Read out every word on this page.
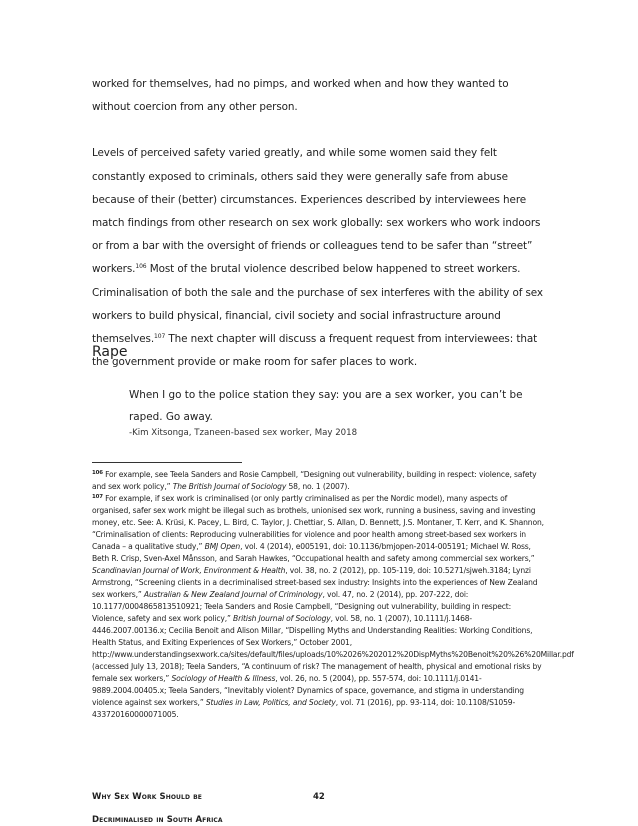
worked for themselves, had no pimps, and worked when and how they wanted to without coercion from any other person.

Levels of perceived safety varied greatly, and while some women said they felt constantly exposed to criminals, others said they were generally safe from abuse because of their (better) circumstances. Experiences described by interviewees here match findings from other research on sex work globally: sex workers who work indoors or from a bar with the oversight of friends or colleagues tend to be safer than “street” workers.$^{106}$ Most of the brutal violence described below happened to street workers. Criminalisation of both the sale and the purchase of sex interferes with the ability of sex workers to build physical, financial, civil society and social infrastructure around themselves.$^{107}$ The next chapter will discuss a frequent request from interviewees: that the government provide or make room for safer places to work.

Rape

When I go to the police station they say: you are a sex worker, you can’t be raped. Go away.

-Kim Xitsonga, Tzaneen-based sex worker, May 2018

$^{106}$ For example, see Teela Sanders and Rosie Campbell, “Designing out vulnerability, building in respect: violence, safety and sex work policy,” The British Journal of Sociology 58, no. 1 (2007).

$^{107}$ For example, if sex work is criminalised (or only partly criminalised as per the Nordic model), many aspects of organised, safer sex work might be illegal such as brothels, unionised sex work, running a business, saving and investing money, etc. See: A. Krüsi, K. Pacey, L. Bird, C. Taylor, J. Chettiar, S. Allan, D. Bennett, J.S. Montaner, T. Kerr, and K. Shannon, “Criminalisation of clients: Reproducing vulnerabilities for violence and poor health among street-based sex workers in Canada – a qualitative study,” BMJ Open, vol. 4 (2014), e005191, doi: 10.1136/bmjopen-2014-005191; Michael W. Ross, Beth R. Crisp, Sven-Axel Månsson, and Sarah Hawkes, “Occupational health and safety among commercial sex workers,” Scandinavian Journal of Work, Environment & Health, vol. 38, no. 2 (2012), pp. 105-119, doi: 10.5271/sjweh.3184; Lynzi Armstrong, “Screening clients in a decriminalised street-based sex industry: Insights into the experiences of New Zealand sex workers,” Australian & New Zealand Journal of Criminology, vol. 47, no. 2 (2014), pp. 207-222, doi: 10.1177/0004865813510921; Teela Sanders and Rosie Campbell, “Designing out vulnerability, building in respect: Violence, safety and sex work policy,” British Journal of Sociology, vol. 58, no. 1 (2007), 10.1111/j.1468-4446.2007.00136.x; Cecilia Benoit and Alison Millar, “Dispelling Myths and Understanding Realities: Working Conditions, Health Status, and Exiting Experiences of Sex Workers,” October 2001, http://www.understandingsexwork.ca/sites/default/files/uploads/10%2026%202012%20DispMyths%20Benoit%20%26%20Millar.pdf (accessed July 13, 2018); Teela Sanders, “A continuum of risk? The management of health, physical and emotional risks by female sex workers,” Sociology of Health & Illness, vol. 26, no. 5 (2004), pp. 557-574, doi: 10.1111/j.0141-9889.2004.00405.x; Teela Sanders, “Inevitably violent? Dynamics of space, governance, and stigma in understanding violence against sex workers,” Studies in Law, Politics, and Society, vol. 71 (2016), pp. 93-114, doi: 10.1108/S1059-433720160000071005.

Why Sex Work Should be	42
Decriminalised in South Africa
